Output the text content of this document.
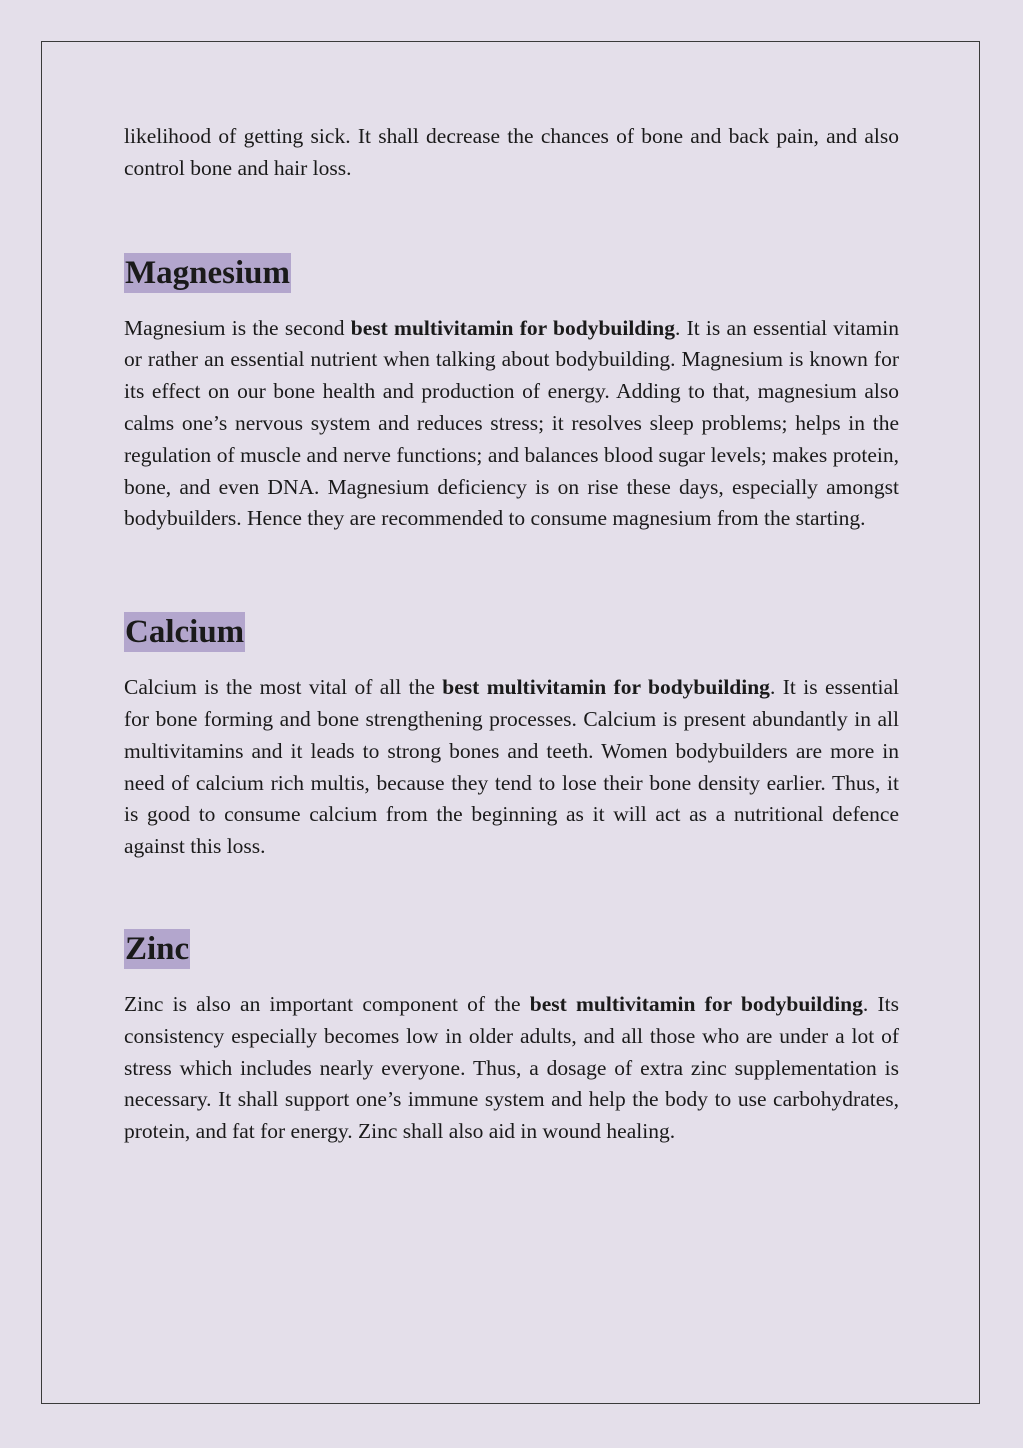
likelihood of getting sick. It shall decrease the chances of bone and back pain, and also control bone and hair loss.

Magnesium

Magnesium is the second best multivitamin for bodybuilding. It is an essential vitamin or rather an essential nutrient when talking about bodybuilding. Magnesium is known for its effect on our bone health and production of energy. Adding to that, magnesium also calms one’s nervous system and reduces stress; it resolves sleep problems; helps in the regulation of muscle and nerve functions; and balances blood sugar levels; makes protein, bone, and even DNA. Magnesium deficiency is on rise these days, especially amongst bodybuilders. Hence they are recommended to consume magnesium from the starting.

Calcium

Calcium is the most vital of all the best multivitamin for bodybuilding. It is essential for bone forming and bone strengthening processes. Calcium is present abundantly in all multivitamins and it leads to strong bones and teeth. Women bodybuilders are more in need of calcium rich multis, because they tend to lose their bone density earlier. Thus, it is good to consume calcium from the beginning as it will act as a nutritional defence against this loss.

Zinc

Zinc is also an important component of the best multivitamin for bodybuilding. Its consistency especially becomes low in older adults, and all those who are under a lot of stress which includes nearly everyone. Thus, a dosage of extra zinc supplementation is necessary. It shall support one’s immune system and help the body to use carbohydrates, protein, and fat for energy. Zinc shall also aid in wound healing.
